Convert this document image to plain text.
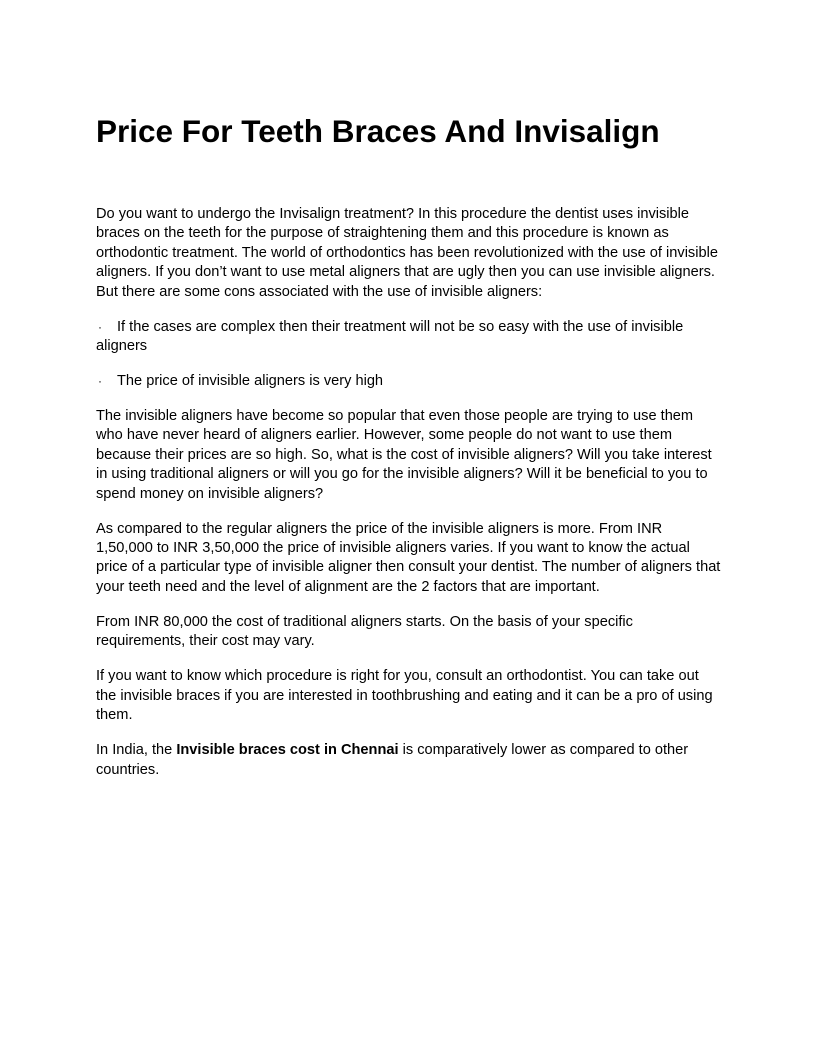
Price For Teeth Braces And Invisalign

Do you want to undergo the Invisalign treatment? In this procedure the dentist uses invisible braces on the teeth for the purpose of straightening them and this procedure is known as orthodontic treatment. The world of orthodontics has been revolutionized with the use of invisible aligners. If you don’t want to use metal aligners that are ugly then you can use invisible aligners. But there are some cons associated with the use of invisible aligners:

· If the cases are complex then their treatment will not be so easy with the use of invisible aligners

· The price of invisible aligners is very high

The invisible aligners have become so popular that even those people are trying to use them who have never heard of aligners earlier. However, some people do not want to use them because their prices are so high. So, what is the cost of invisible aligners? Will you take interest in using traditional aligners or will you go for the invisible aligners? Will it be beneficial to you to spend money on invisible aligners?

As compared to the regular aligners the price of the invisible aligners is more. From INR 1,50,000 to INR 3,50,000 the price of invisible aligners varies. If you want to know the actual price of a particular type of invisible aligner then consult your dentist. The number of aligners that your teeth need and the level of alignment are the 2 factors that are important.

From INR 80,000 the cost of traditional aligners starts. On the basis of your specific requirements, their cost may vary.

If you want to know which procedure is right for you, consult an orthodontist. You can take out the invisible braces if you are interested in toothbrushing and eating and it can be a pro of using them.

In India, the Invisible braces cost in Chennai is comparatively lower as compared to other countries.
